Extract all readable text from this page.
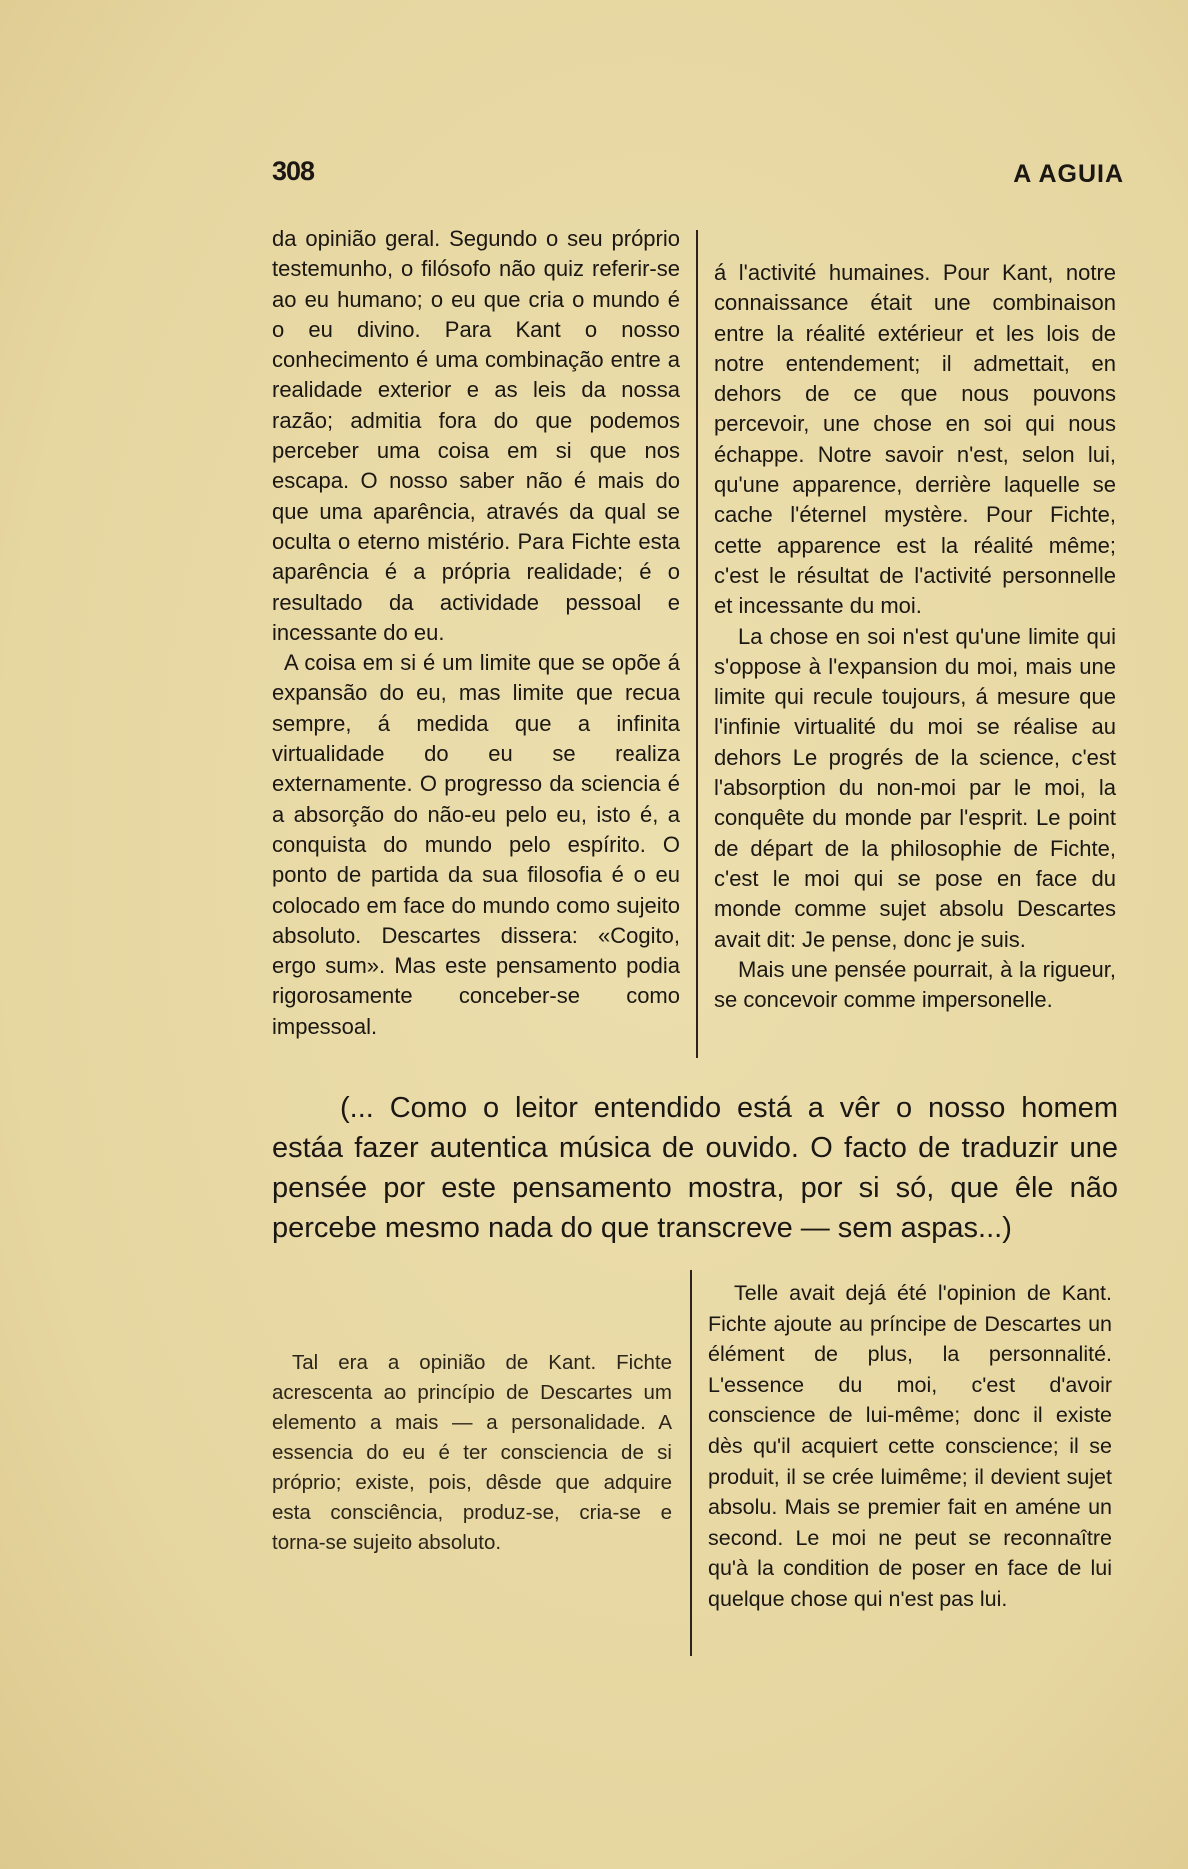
308	A AGUIA

da opinião geral. Segundo o seu próprio testemunho, o filósofo não quiz referir-se ao eu humano; o eu que cria o mundo é o eu divino. Para Kant o nosso conhecimento é uma combinação entre a realidade exterior e as leis da nossa razão; admitia fora do que podemos perceber uma coisa em si que nos escapa. O nosso saber não é mais do que uma aparência, através da qual se oculta o eterno mistério. Para Fichte esta aparência é a própria realidade; é o resultado da actividade pessoal e incessante do eu.

A coisa em si é um limite que se opõe á expansão do eu, mas limite que recua sempre, á medida que a infinita virtualidade do eu se realiza externamente. O progresso da sciencia é a absorção do não-eu pelo eu, isto é, a conquista do mundo pelo espírito. O ponto de partida da sua filosofia é o eu colocado em face do mundo como sujeito absoluto. Descartes dissera: «Cogito, ergo sum». Mas este pensamento podia rigorosamente conceber-se como impessoal.

á l'activité humaines. Pour Kant, notre connaissance était une combinaison entre la réalité extérieur et les lois de notre entendement; il admettait, en dehors de ce que nous pouvons percevoir, une chose en soi qui nous échappe. Notre savoir n'est, selon lui, qu'une apparence, derrière laquelle se cache l'éternel mystère. Pour Fichte, cette apparence est la réalité même; c'est le résultat de l'activité personnelle et incessante du moi.

La chose en soi n'est qu'une limite qui s'oppose à l'expansion du moi, mais une limite qui recule toujours, á mesure que l'infinie virtualité du moi se réalise au dehors Le progrés de la science, c'est l'absorption du non-moi par le moi, la conquête du monde par l'esprit. Le point de départ de la philosophie de Fichte, c'est le moi qui se pose en face du monde comme sujet absolu Descartes avait dit: Je pense, donc je suis.

Mais une pensée pourrait, à la rigueur, se concevoir comme impersonelle.

(... Como o leitor entendido está a vêr o nosso homem estáa fazer autentica música de ouvido. O facto de traduzir une pensée por este pensamento mostra, por si só, que êle não percebe mesmo nada do que transcreve — sem aspas...)

Tal era a opinião de Kant. Fichte acrescenta ao princípio de Descartes um elemento a mais — a personalidade. A essencia do eu é ter consciencia de si próprio; existe, pois, dêsde que adquire esta consciência, produz-se, cria-se e torna-se sujeito absoluto.

Telle avait dejá été l'opinion de Kant. Fichte ajoute au príncipe de Descartes un élément de plus, la personnalité. L'essence du moi, c'est d'avoir conscience de lui-même; donc il existe dès qu'il acquiert cette conscience; il se produit, il se crée luimême; il devient sujet absolu. Mais se premier fait en améne un second. Le moi ne peut se reconnaître qu'à la condition de poser en face de lui quelque chose qui n'est pas lui.
